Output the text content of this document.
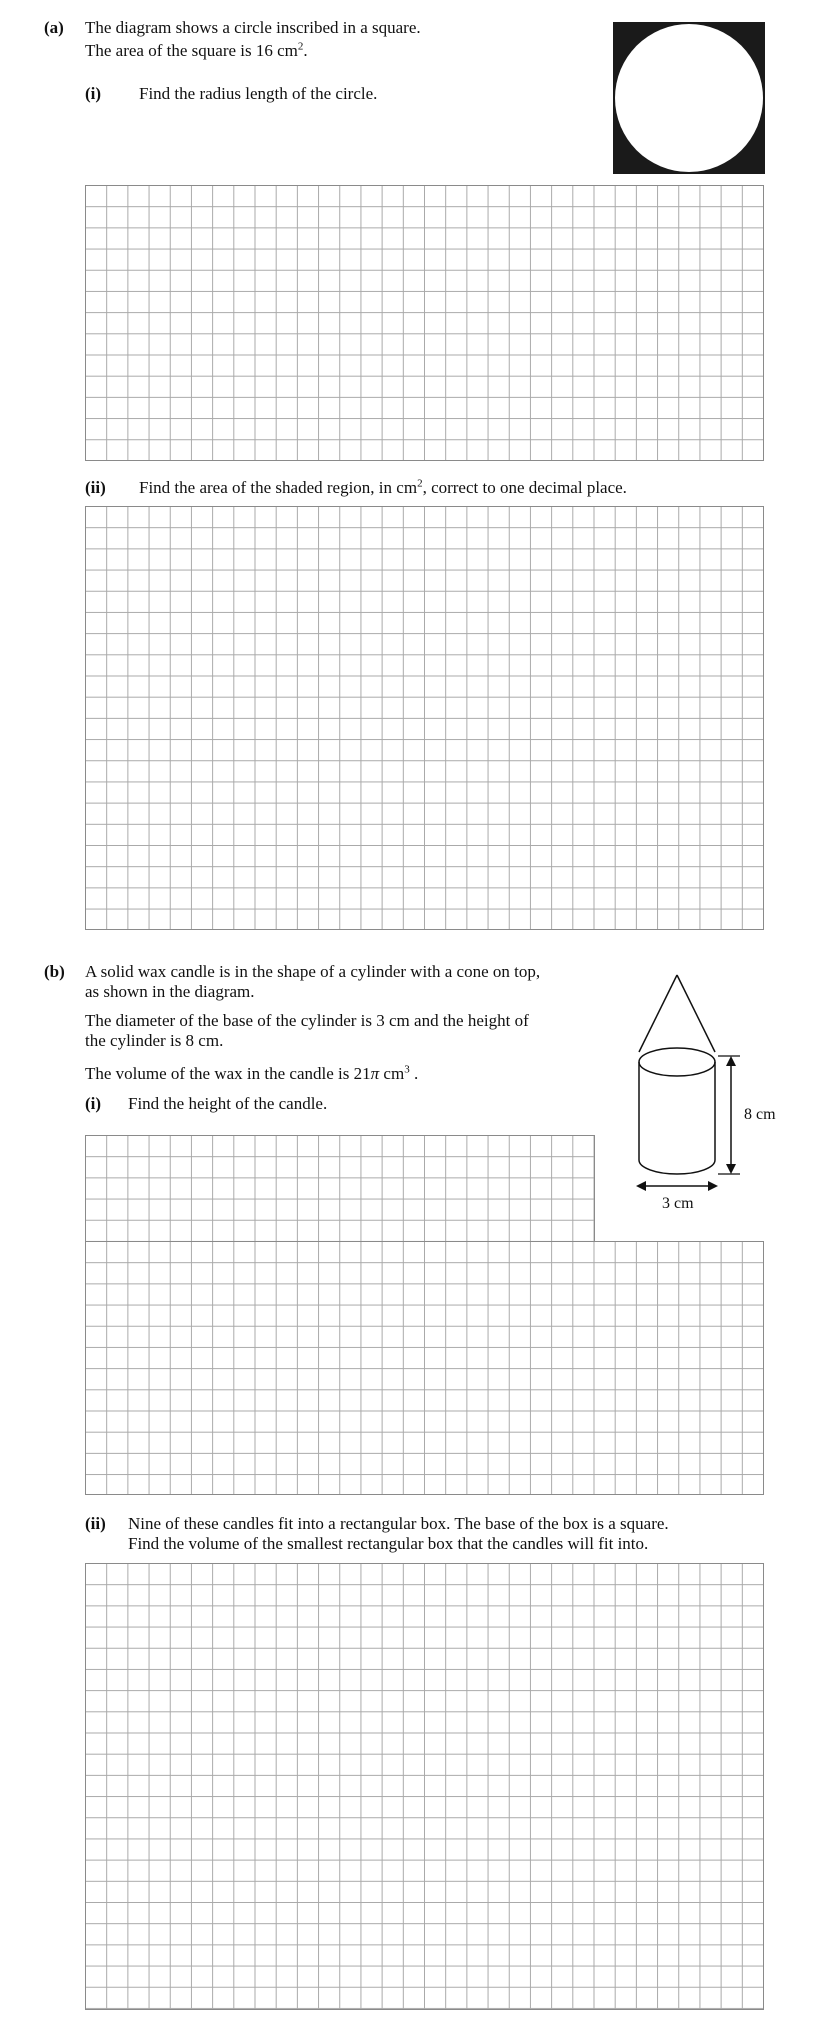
(a) The diagram shows a circle inscribed in a square.
The area of the square is 16 $cm^2$.
(i) Find the radius length of the circle.
(ii) Find the area of the shaded region, in $cm^2$, correct to one decimal place.
(b) A solid wax candle is in the shape of a cylinder with a cone on top,
as shown in the diagram.
The diameter of the base of the cylinder is 3 cm and the height of
the cylinder is 8 cm.
The volume of the wax in the candle is 21π $cm^3$ .
(i) Find the height of the candle.
8 cm
3 cm
(ii) Nine of these candles fit into a rectangular box. The base of the box is a square.
Find the volume of the smallest rectangular box that the candles will fit into.
